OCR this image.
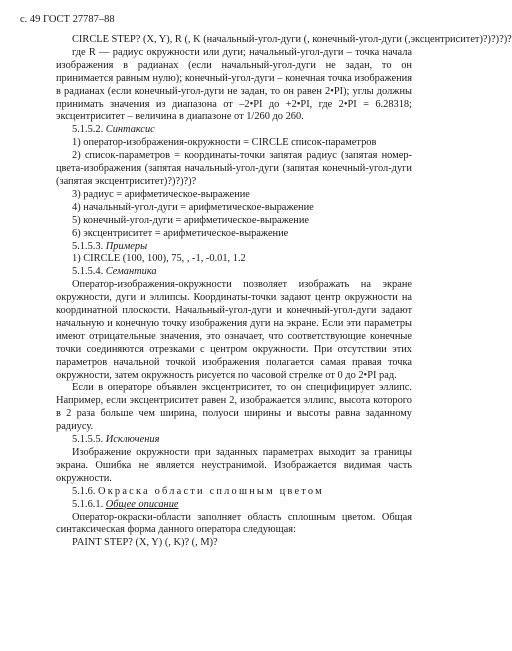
с. 49 ГОСТ 27787–88

CIRCLE STEP? (X, Y), R (, K (начальный-угол-дуги (, конечный-угол-дуги (,эксцентриситет)?)?)?)?

где R — радиус окружности или дуги; начальный-угол-дуги – точка начала изображения в радианах (если начальный-угол-дуги не задан, то он принимается равным нулю); конечный-угол-дуги – конечная точка изображения в радианах (если конечный-угол-дуги не задан, то он равен 2•PI); углы должны принимать значения из диапазона от –2•PI до +2•PI, где 2•PI = 6.28318; эксцентриситет – величина в диапазоне от 1/260 до 260.

5.1.5.2. Синтаксис

1) оператор-изображения-окружности = CIRCLE список-параметров

2) список-параметров = координаты-точки запятая радиус (запятая номер-цвета-изображения (запятая начальный-угол-дуги (запятая конечный-угол-дуги (запятая эксцентриситет)?)?)?)?

3) радиус = арифметическое-выражение

4) начальный-угол-дуги = арифметическое-выражение

5) конечный-угол-дуги = арифметическое-выражение

6) эксцентриситет = арифметическое-выражение

5.1.5.3. Примеры

1) CIRCLE (100, 100), 75, , -1, -0.01, 1.2

5.1.5.4. Семантика

Оператор-изображения-окружности позволяет изображать на экране окружности, дуги и эллипсы. Координаты-точки задают центр окружности на координатной плоскости. Начальный-угол-дуги и конечный-угол-дуги задают начальную и конечную точку изображения дуги на экране. Если эти параметры имеют отрицательные значения, это означает, что соответствующие конечные точки соединяются отрезками с центром окружности. При отсутствии этих параметров начальной точкой изображения полагается самая правая точка окружности, затем окружность рисуется по часовой стрелке от 0 до 2•PI рад.

Если в операторе объявлен эксцентриситет, то он специфицирует эллипс. Например, если эксцентриситет равен 2, изображается эллипс, высота которого в 2 раза больше чем ширина, полуоси ширины и высоты равна заданному радиусу.

5.1.5.5. Исключения

Изображение окружности при заданных параметрах выходит за границы экрана. Ошибка не является неустранимой. Изображается видимая часть окружности.

5.1.6. Окраска области сплошным цветом

5.1.6.1. Общее описание

Оператор-окраски-области заполняет область сплошным цветом. Общая синтаксическая форма данного оператора следующая:

PAINT STEP? (X, Y) (, K)? (, M)?
